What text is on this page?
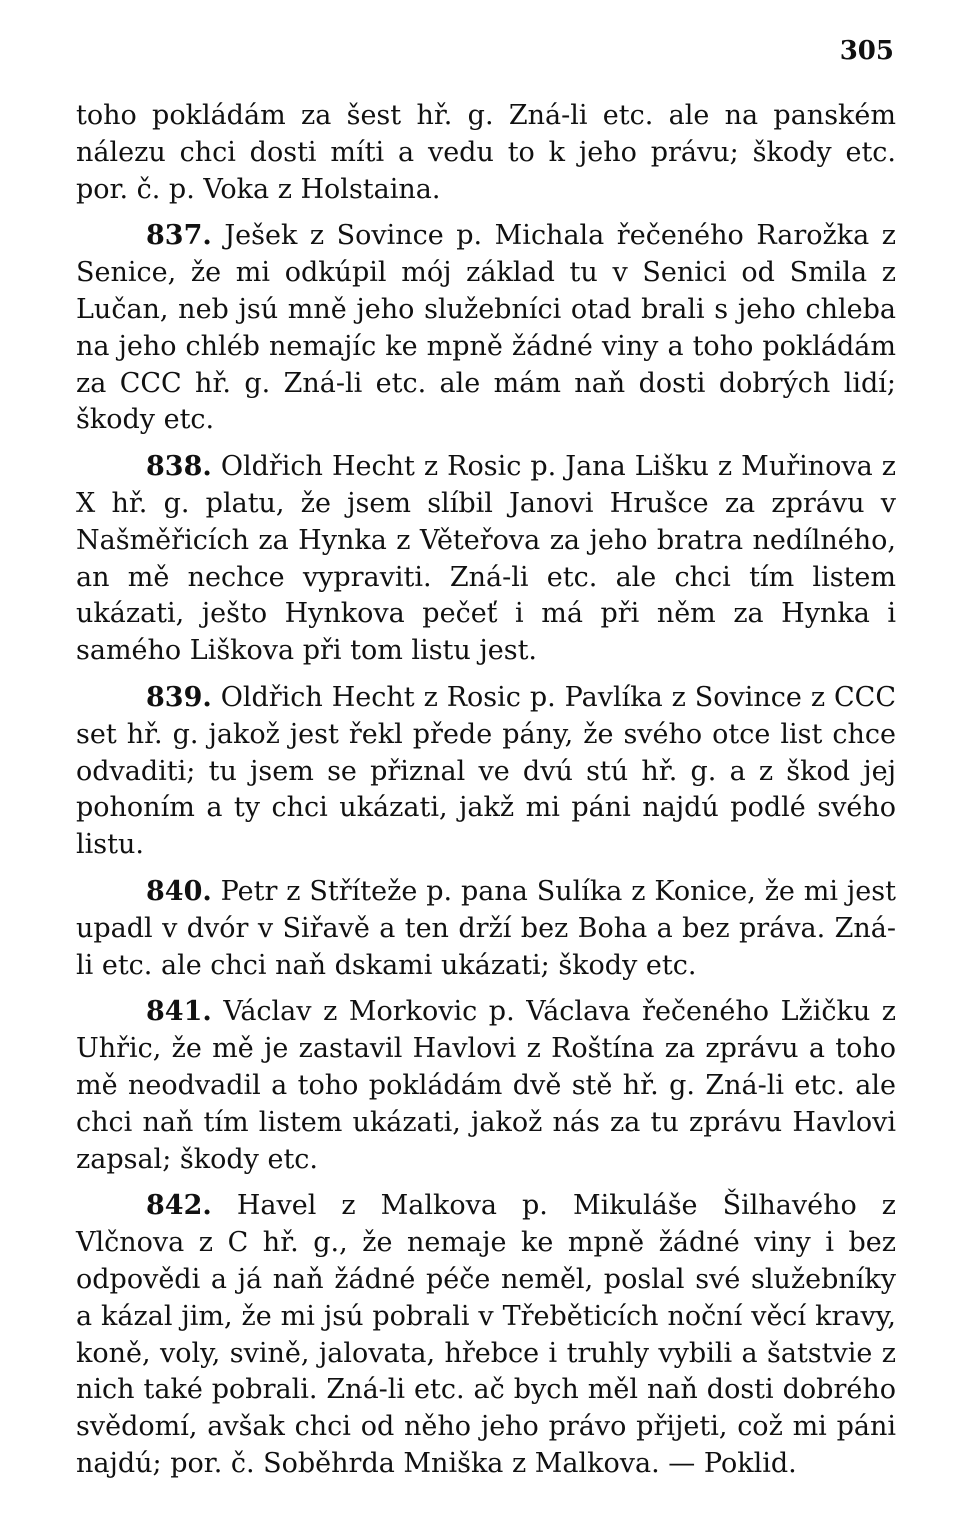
305

toho pokládám za šest hř. g. Zná-li etc. ale na panském nálezu chci dosti míti a vedu to k jeho právu; škody etc. por. č. p. Voka z Holstaina.

837. Ješek z Sovince p. Michala řečeného Rarožka z Senice, že mi odkúpil mój základ tu v Senici od Smila z Lučan, neb jsú mně jeho služebníci otad brali s jeho chleba na jeho chléb nemajíc ke mpně žádné viny a toho pokládám za CCC hř. g. Zná-li etc. ale mám naň dosti dobrých lidí; škody etc.

838. Oldřich Hecht z Rosic p. Jana Lišku z Muřinova z X hř. g. platu, že jsem slíbil Janovi Hrušce za zprávu v Našměřicích za Hynka z Věteřova za jeho bratra nedílného, an mě nechce vypraviti. Zná-li etc. ale chci tím listem ukázati, ješto Hynkova pečeť i má při něm za Hynka i samého Liškova při tom listu jest.

839. Oldřich Hecht z Rosic p. Pavlíka z Sovince z CCC set hř. g. jakož jest řekl přede pány, že svého otce list chce odvaditi; tu jsem se přiznal ve dvú stú hř. g. a z škod jej pohoním a ty chci ukázati, jakž mi páni najdú podlé svého listu.

840. Petr z Stříteže p. pana Sulíka z Konice, že mi jest upadl v dvór v Siřavě a ten drží bez Boha a bez práva. Zná-li etc. ale chci naň dskami ukázati; škody etc.

841. Václav z Morkovic p. Václava řečeného Lžičku z Uhřic, že mě je zastavil Havlovi z Roštína za zprávu a toho mě neodvadil a toho pokládám dvě stě hř. g. Zná-li etc. ale chci naň tím listem ukázati, jakož nás za tu zprávu Havlovi zapsal; škody etc.

842. Havel z Malkova p. Mikuláše Šilhavého z Vlčnova z C hř. g., že nemaje ke mpně žádné viny i bez odpovědi a já naň žádné péče neměl, poslal své služebníky a kázal jim, že mi jsú pobrali v Třeběticích noční věcí kravy, koně, voly, svině, jalovata, hřebce i truhly vybili a šatstvie z nich také pobrali. Zná-li etc. ač bych měl naň dosti dobrého svědomí, avšak chci od něho jeho právo přijeti, což mi páni najdú; por. č. Soběhrda Mniška z Malkova. — Poklid.
